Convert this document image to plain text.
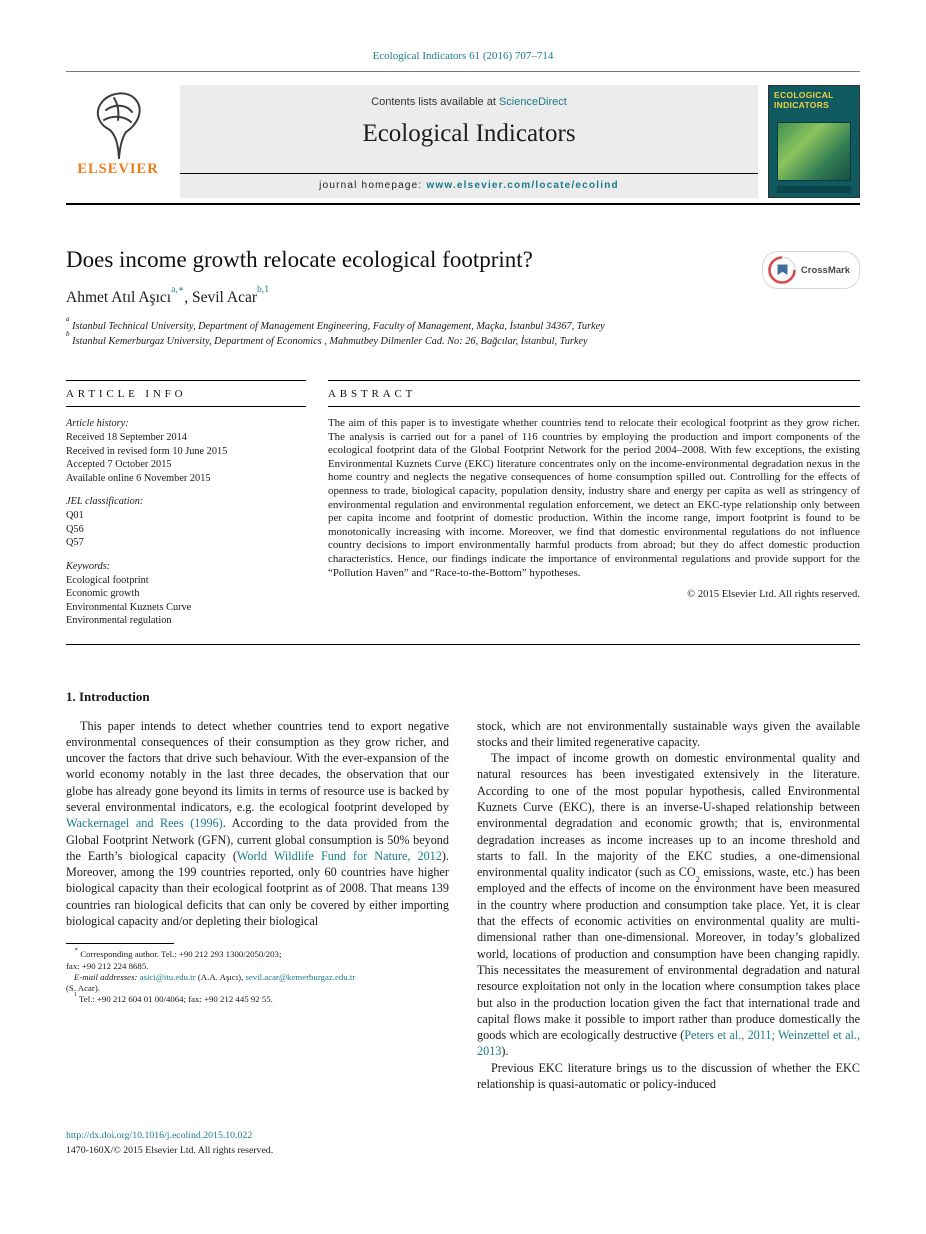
Ecological Indicators 61 (2016) 707–714
ELSEVIER
Contents lists available at ScienceDirect
Ecological Indicators
journal homepage: www.elsevier.com/locate/ecolind
ECOLOGICAL INDICATORS
Does income growth relocate ecological footprint?	CrossMark
Ahmet Atıl Aşıcı$^{a,∗}$, Sevil Acar$^{b,1}$

$^a$ Istanbul Technical University, Department of Management Engineering, Faculty of Management, Maçka, İstanbul 34367, Turkey

$^b$ Istanbul Kemerburgaz University, Department of Economics , Mahmutbey Dilmenler Cad. No: 26, Bağcılar, İstanbul, Turkey

ARTICLE INFO
Article history:
Received 18 September 2014
Received in revised form 10 June 2015
Accepted 7 October 2015
Available online 6 November 2015
JEL classification:
Q01
Q56
Q57
Keywords:
Ecological footprint
Economic growth
Environmental Kuznets Curve
Environmental regulation
ABSTRACT

The aim of this paper is to investigate whether countries tend to relocate their ecological footprint as they grow richer. The analysis is carried out for a panel of 116 countries by employing the production and import components of the ecological footprint data of the Global Footprint Network for the period 2004–2008. With few exceptions, the existing Environmental Kuznets Curve (EKC) literature concentrates only on the income-environmental degradation nexus in the home country and neglects the negative consequences of home consumption spilled out. Controlling for the effects of openness to trade, biological capacity, population density, industry share and energy per capita as well as stringency of environmental regulation and environmental regulation enforcement, we detect an EKC-type relationship only between per capita income and footprint of domestic production. Within the income range, import footprint is found to be monotonically increasing with income. Moreover, we find that domestic environmental regulations do not influence country decisions to import environmentally harmful products from abroad; but they do affect domestic production characteristics. Hence, our findings indicate the importance of environmental regulations and provide support for the “Pollution Haven” and “Race-to-the-Bottom” hypotheses.

© 2015 Elsevier Ltd. All rights reserved.
1. Introduction

This paper intends to detect whether countries tend to export negative environmental consequences of their consumption as they grow richer, and uncover the factors that drive such behaviour. With the ever-expansion of the world economy notably in the last three decades, the observation that our globe has already gone beyond its limits in terms of resource use is backed by several environmental indicators, e.g. the ecological footprint developed by Wackernagel and Rees (1996). According to the data provided from the Global Footprint Network (GFN), current global consumption is 50% beyond the Earth’s biological capacity (World Wildlife Fund for Nature, 2012). Moreover, among the 199 countries reported, only 60 countries have higher biological capacity than their ecological footprint as of 2008. That means 139 countries ran biological deficits that can only be covered by either importing biological capacity and/or depleting their biological

∗ Corresponding author. Tel.: +90 212 293 1300/2050/203;

fax: +90 212 224 8685.

E-mail addresses: asici@itu.edu.tr (A.A. Aşıcı), sevil.acar@kemerburgaz.edu.tr

(S. Acar).

$^1$ Tel.: +90 212 604 01 00/4064; fax: +90 212 445 92 55.

stock, which are not environmentally sustainable ways given the available stocks and their limited regenerative capacity.

The impact of income growth on domestic environmental quality and natural resources has been investigated extensively in the literature. According to one of the most popular hypothesis, called Environmental Kuznets Curve (EKC), there is an inverse-U-shaped relationship between environmental degradation and economic growth; that is, environmental degradation increases as income increases up to an income threshold and starts to fall. In the majority of the EKC studies, a one-dimensional environmental quality indicator (such as $CO_2$ emissions, waste, etc.) has been employed and the effects of income on the environment have been measured in the country where production and consumption take place. Yet, it is clear that the effects of economic activities on environmental quality are multi-dimensional rather than one-dimensional. Moreover, in today’s globalized world, locations of production and consumption have been changing rapidly. This necessitates the measurement of environmental degradation and natural resource exploitation not only in the location where consumption takes place but also in the production location given the fact that international trade and capital flows make it possible to import rather than produce domestically the goods which are ecologically destructive (Peters et al., 2011; Weinzettel et al., 2013).

Previous EKC literature brings us to the discussion of whether the EKC relationship is quasi-automatic or policy-induced

http://dx.doi.org/10.1016/j.ecolind.2015.10.022
1470-160X/© 2015 Elsevier Ltd. All rights reserved.
